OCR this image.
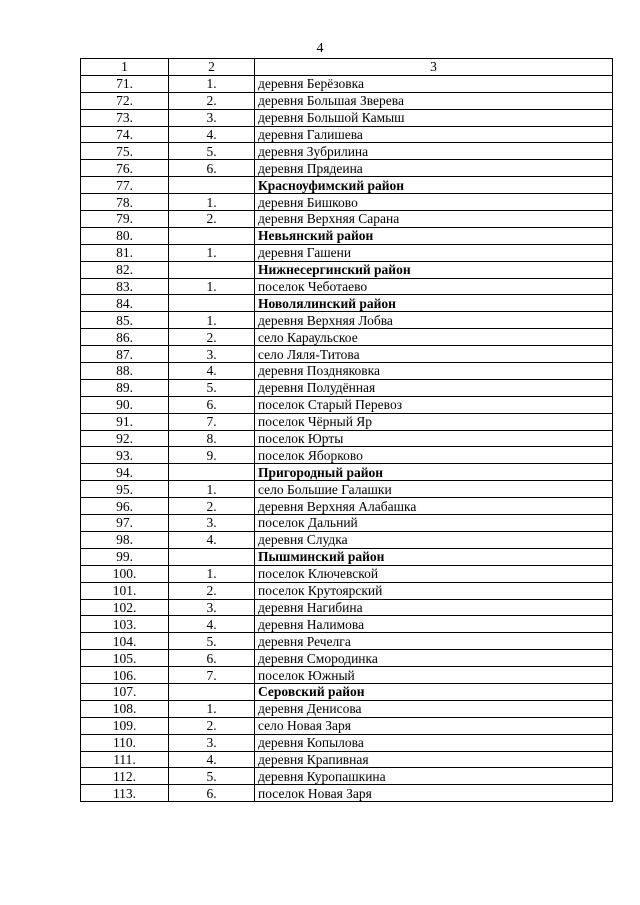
4
1	2	3
71.	1.	деревня Берёзовка
72.	2.	деревня Большая Зверева
73.	3.	деревня Большой Камыш
74.	4.	деревня Галишева
75.	5.	деревня Зубрилина
76.	6.	деревня Прядеина
77.		Красноуфимский район
78.	1.	деревня Бишково
79.	2.	деревня Верхняя Сарана
80.		Невьянский район
81.	1.	деревня Гашени
82.		Нижнесергинский район
83.	1.	поселок Чеботаево
84.		Новолялинский район
85.	1.	деревня Верхняя Лобва
86.	2.	село Караульское
87.	3.	село Ляля-Титова
88.	4.	деревня Поздняковка
89.	5.	деревня Полудённая
90.	6.	поселок Старый Перевоз
91.	7.	поселок Чёрный Яр
92.	8.	поселок Юрты
93.	9.	поселок Яборково
94.		Пригородный район
95.	1.	село Большие Галашки
96.	2.	деревня Верхняя Алабашка
97.	3.	поселок Дальний
98.	4.	деревня Слудка
99.		Пышминский район
100.	1.	поселок Ключевской
101.	2.	поселок Крутоярский
102.	3.	деревня Нагибина
103.	4.	деревня Налимова
104.	5.	деревня Речелга
105.	6.	деревня Смородинка
106.	7.	поселок Южный
107.		Серовский район
108.	1.	деревня Денисова
109.	2.	село Новая Заря
110.	3.	деревня Копылова
111.	4.	деревня Крапивная
112.	5.	деревня Куропашкина
113.	6.	поселок Новая Заря
